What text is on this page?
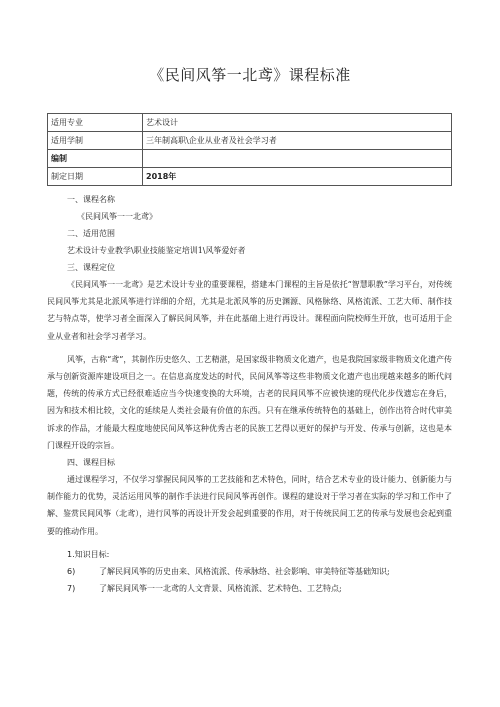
《民间风筝一北鸢》课程标准
适用专业	艺术设计
适用学制	三年制高职\企业从业者及社会学习者
编制	
制定日期	2018年
一、课程名称
《民间风筝一一北鸢》
二、适用范围
艺术设计专业教学\职业技能鉴定培训1\风筝爱好者
三、课程定位
《民间风筝一一北鸢》是艺术设计专业的重要课程，搭建本门课程的主旨是依托“智慧职教”学习平台，对传统民间风筝尤其是北派风筝进行详细的介绍，尤其是北派风筝的历史渊源、风格脉络、风格流派、工艺大师、制作技艺与特点等，使学习者全面深入了解民间风筝，并在此基础上进行再设计。课程面向院校师生开放，也可适用于企业从业者和社会学习者学习。
风筝，古称“鸢”，其制作历史悠久、工艺精湛，是国家级非物质文化遗产，也是我院国家级非物质文化遗产传承与创新资源库建设项目之一。在信息高度发达的时代，民间风筝等这些非物质文化遗产也出现越来越多的断代问题，传统的传承方式已经很难适应当今快速变换的大环境，古老的民间风筝不应被快速的现代化步伐遗忘在身后，因为和技术相比较，文化的延续是人类社会最有价值的东西。只有在继承传统特色的基础上，创作出符合时代审美诉求的作品，才能最大程度地使民间风筝这种优秀古老的民族工艺得以更好的保护与开发、传承与创新，这也是本门课程开设的宗旨。
四、课程目标
通过课程学习，不仅学习掌握民间风筝的工艺技能和艺术特色，同时，结合艺术专业的设计能力、创新能力与制作能力的优势，灵活运用风筝的制作手法进行民间风筝再创作。课程的建设对于学习者在实际的学习和工作中了解、鉴赏民间风筝（北鸢），进行风筝的再设计开发会起到重要的作用，对于传统民间工艺的传承与发展也会起到重要的推动作用。
1.知识目标:
6)	了解民间风筝的历史由来、风格流派、传承脉络、社会影响、审美特征等基础知识;
7)	了解民间风筝一一北鸢的人文背景、风格流派、艺术特色、工艺特点;
